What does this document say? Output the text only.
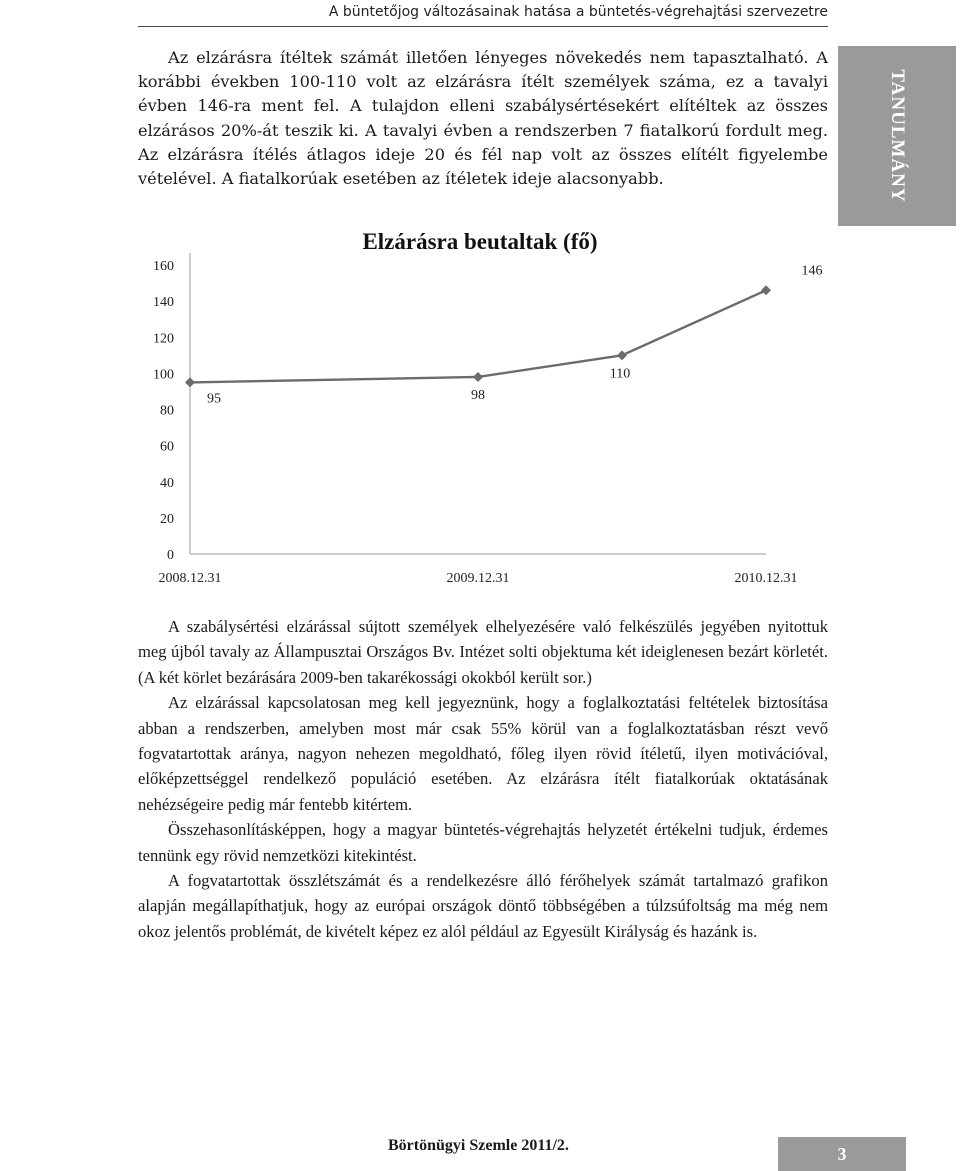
A büntetőjog változásainak hatása a büntetés-végrehajtási szervezetre
TANULMÁNY

Az elzárásra ítéltek számát illetően lényeges növekedés nem tapasztalható. A korábbi években 100-110 volt az elzárásra ítélt személyek száma, ez a tavalyi évben 146-ra ment fel. A tulajdon elleni szabálysértésekért elítéltek az összes elzárásos 20%-át teszik ki. A tavalyi évben a rendszerben 7 fiatalkorú fordult meg. Az elzárásra ítélés átlagos ideje 20 és fél nap volt az összes elítélt figyelembe vételével. A fiatalkorúak esetében az ítéletek ideje alacsonyabb.

Elzárásra beutaltak (fő)
0
20
40
60
80
100
120
140
160
2008.12.31	2009.12.31	2010.12.31
95	98
110
146

A szabálysértési elzárással sújtott személyek elhelyezésére való felkészülés jegyében nyitottuk meg újból tavaly az Állampusztai Országos Bv. Intézet solti objektuma két ideiglenesen bezárt körletét. (A két körlet bezárására 2009-ben takarékossági okokból került sor.)

Az elzárással kapcsolatosan meg kell jegyeznünk, hogy a foglalkoztatási feltételek biztosítása abban a rendszerben, amelyben most már csak 55% körül van a foglalkoztatásban részt vevő fogvatartottak aránya, nagyon nehezen megoldható, főleg ilyen rövid ítéletű, ilyen motivációval, előképzettséggel rendelkező populáció esetében. Az elzárásra ítélt fiatalkorúak oktatásának nehézségeire pedig már fentebb kitértem.

Összehasonlításképpen, hogy a magyar büntetés-végrehajtás helyzetét értékelni tudjuk, érdemes tennünk egy rövid nemzetközi kitekintést.

A fogvatartottak összlétszámát és a rendelkezésre álló férőhelyek számát tartalmazó grafikon alapján megállapíthatjuk, hogy az európai országok döntő többségében a túlzsúfoltság ma még nem okoz jelentős problémát, de kivételt képez ez alól például az Egyesült Királyság és hazánk is.

Börtönügyi Szemle 2011/2.	3
